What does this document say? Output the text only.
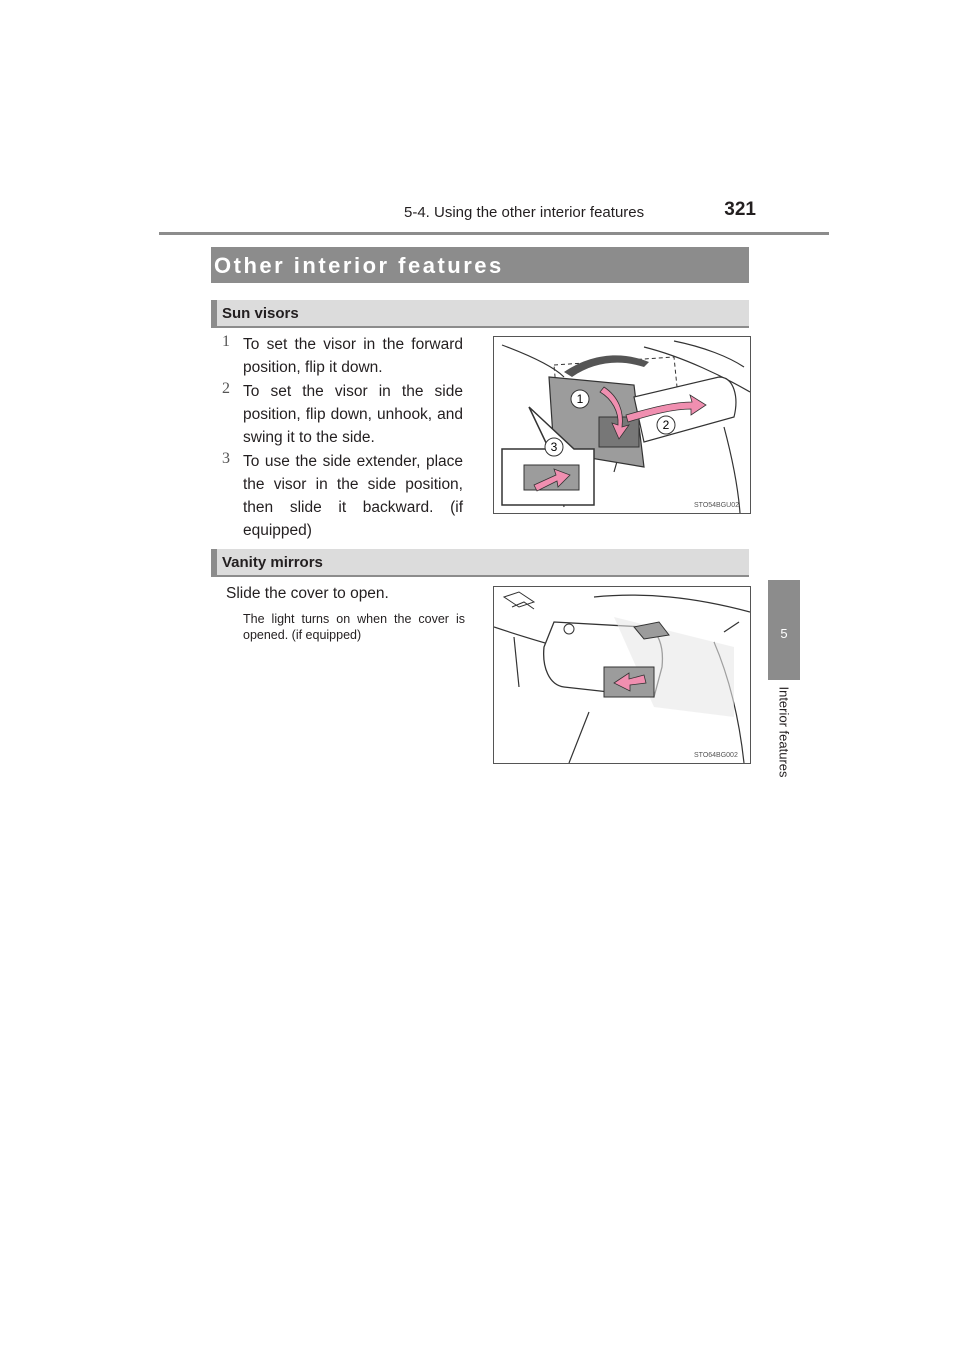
5-4. Using the other interior features	321
5
Interior features
Other interior features
Sun visors
1 To set the visor in the forward position, flip it down.
2 To set the visor in the side position, flip down, unhook, and swing it to the side.
3 To use the side extender, place the visor in the side position, then slide it backward. (if equipped)
1
2
3
STO54BGU02
Vanity mirrors
Slide the cover to open.
The light turns on when the cover is opened. (if equipped)
STO64BG002
